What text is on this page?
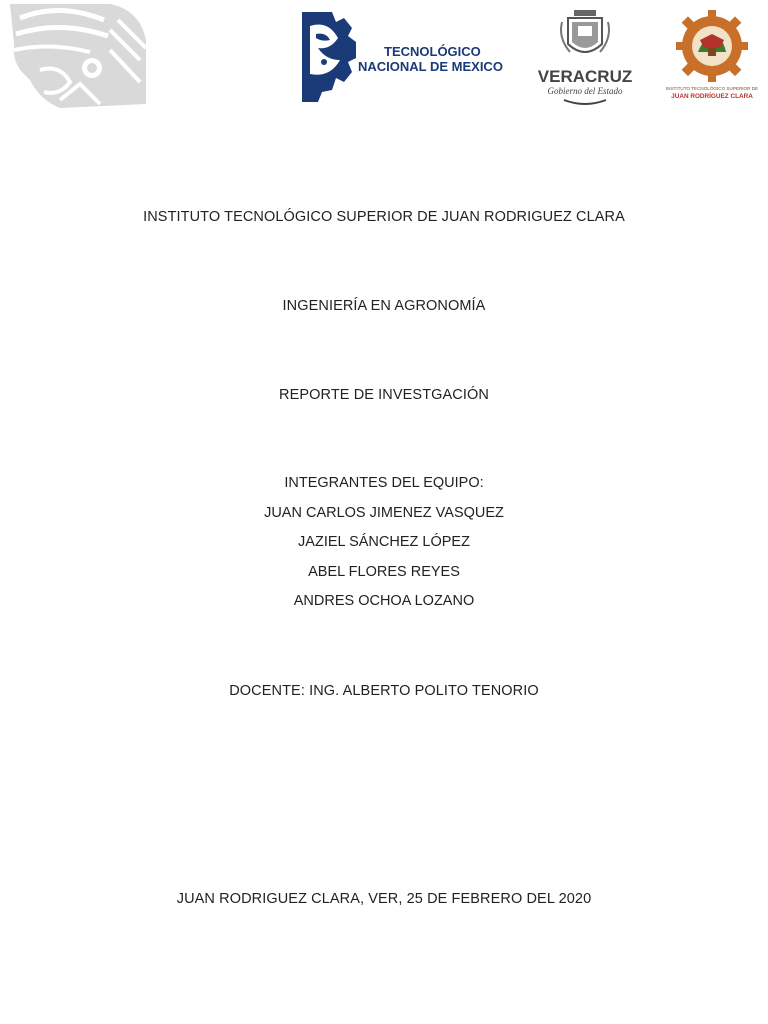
TECNOLÓGICO
NACIONAL DE MEXICO
VERACRUZ
Gobierno del Estado	INSTITUTO TECNOLÓGICO SUPERIOR DE
JUAN RODRÍGUEZ CLARA
INSTITUTO TECNOLÓGICO SUPERIOR DE JUAN RODRIGUEZ CLARA
INGENIERÍA EN AGRONOMÍA
REPORTE DE INVESTGACIÓN
INTEGRANTES DEL EQUIPO:
JUAN CARLOS JIMENEZ VASQUEZ
JAZIEL SÁNCHEZ LÓPEZ
ABEL FLORES REYES
ANDRES OCHOA LOZANO
DOCENTE: ING. ALBERTO POLITO TENORIO
JUAN RODRIGUEZ CLARA, VER, 25 DE FEBRERO DEL 2020
